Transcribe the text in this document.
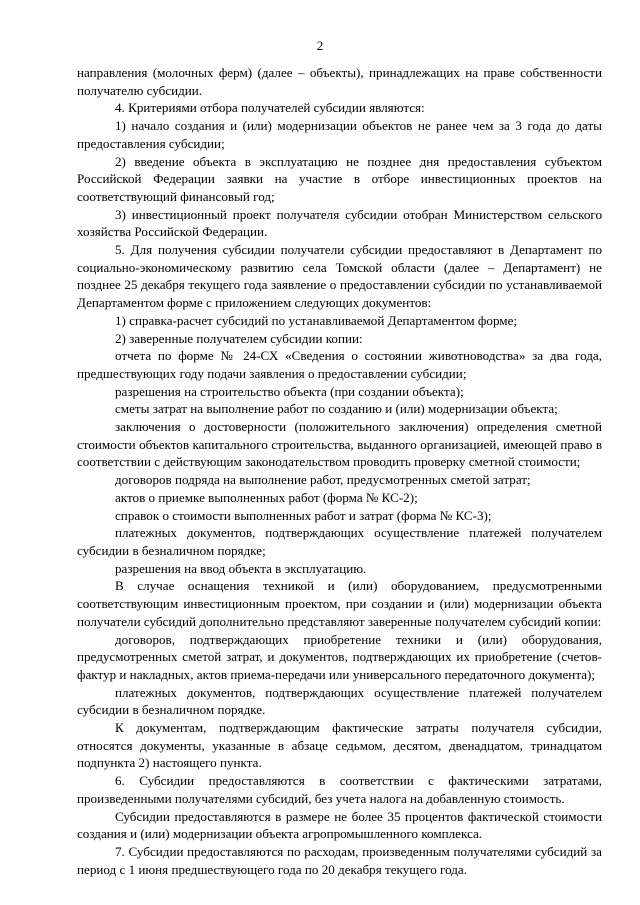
2

направления (молочных ферм) (далее – объекты), принадлежащих на праве собственности получателю субсидии.

4. Критериями отбора получателей субсидии являются:

1) начало создания и (или) модернизации объектов не ранее чем за 3 года до даты предоставления субсидии;

2) введение объекта в эксплуатацию не позднее дня предоставления субъектом Российской Федерации заявки на участие в отборе инвестиционных проектов на соответствующий финансовый год;

3) инвестиционный проект получателя субсидии отобран Министерством сельского хозяйства Российской Федерации.

5. Для получения субсидии получатели субсидии предоставляют в Департамент по социально-экономическому развитию села Томской области (далее – Департамент) не позднее 25 декабря текущего года заявление о предоставлении субсидии по устанавливаемой Департаментом форме с приложением следующих документов:

1) справка-расчет субсидий по устанавливаемой Департаментом форме;

2) заверенные получателем субсидии копии:

отчета по форме № 24-СХ «Сведения о состоянии животноводства» за два года, предшествующих году подачи заявления о предоставлении субсидии;

разрешения на строительство объекта (при создании объекта);

сметы затрат на выполнение работ по созданию и (или) модернизации объекта;

заключения о достоверности (положительного заключения) определения сметной стоимости объектов капитального строительства, выданного организацией, имеющей право в соответствии с действующим законодательством проводить проверку сметной стоимости;

договоров подряда на выполнение работ, предусмотренных сметой затрат;

актов о приемке выполненных работ (форма № КС-2);

справок о стоимости выполненных работ и затрат (форма № КС-3);

платежных документов, подтверждающих осуществление платежей получателем субсидии в безналичном порядке;

разрешения на ввод объекта в эксплуатацию.

В случае оснащения техникой и (или) оборудованием, предусмотренными соответствующим инвестиционным проектом, при создании и (или) модернизации объекта получатели субсидий дополнительно представляют заверенные получателем субсидий копии:

договоров, подтверждающих приобретение техники и (или) оборудования, предусмотренных сметой затрат, и документов, подтверждающих их приобретение (счетов-фактур и накладных, актов приема-передачи или универсального передаточного документа);

платежных документов, подтверждающих осуществление платежей получателем субсидии в безналичном порядке.

К документам, подтверждающим фактические затраты получателя субсидии, относятся документы, указанные в абзаце седьмом, десятом, двенадцатом, тринадцатом подпункта 2) настоящего пункта.

6. Субсидии предоставляются в соответствии с фактическими затратами, произведенными получателями субсидий, без учета налога на добавленную стоимость.

Субсидии предоставляются в размере не более 35 процентов фактической стоимости создания и (или) модернизации объекта агропромышленного комплекса.

7. Субсидии предоставляются по расходам, произведенным получателями субсидий за период с 1 июня предшествующего года по 20 декабря текущего года.
